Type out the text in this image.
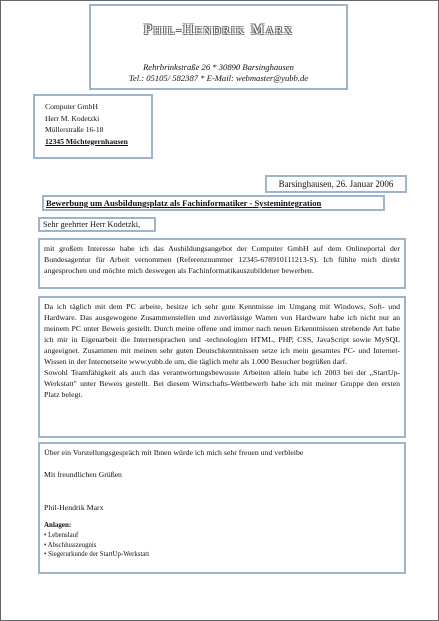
Phil-Hendrik Marx
Rehrbrinkstraße 26 * 30890 Barsinghausen
Tel.: 05105/ 582387 * E-Mail: webmaster@yubb.de
Computer GmbH
Herr M. Kodetzki
Müllerstraße 16-18
12345 Möchtegernhausen
Barsinghausen, 26. Januar 2006
Bewerbung um Ausbildungsplatz als Fachinformatiker - Systemintegration
Sehr geehrter Herr Kodetzki,
mit großem Interesse habe ich das Ausbildungsangebot der Computer GmbH auf dem Onlineportal der Bundesagentur für Arbeit vernommen (Referenznummer 12345-678910111213-S). Ich fühlte mich direkt angesprochen und möchte mich deswegen als Fachinformatikauszubildener bewerben.

Da ich täglich mit dem PC arbeite, besitze ich sehr gute Kenntnisse im Umgang mit Windows, Soft- und Hardware. Das ausgewogene Zusammenstellen und zuverlässige Warten von Hardware habe ich nicht nur an meinem PC unter Beweis gestellt. Durch meine offene und immer nach neuen Erkenntnissen strebende Art habe ich mir in Eigenarbeit die Internetsprachen und -technologien HTML, PHP, CSS, JavaScript sowie MySQL angeeignet. Zusammen mit meinen sehr guten Deutschkenntnissen setze ich mein gesamtes PC- und Internet-Wissen in der Internetseite www.yubb.de um, die täglich mehr als 1.000 Besucher begrüßen darf.

Sowohl Teamfähigkeit als auch das verantwortungsbewusste Arbeiten allein habe ich 2003 bei der „StartUp-Werkstatt" unter Beweis gestellt. Bei diesem Wirtschafts-Wettbewerb habe ich mit meiner Gruppe den ersten Platz belegt.

Über ein Vorstellungsgespräch mit Ihnen würde ich mich sehr freuen und verbleibe

Mit freundlichen Grüßen

Phil-Hendrik Marx

Anlagen:
• Lebenslauf
• Abschlusszeugnis
• Siegerurkunde der StartUp-Werkstatt
